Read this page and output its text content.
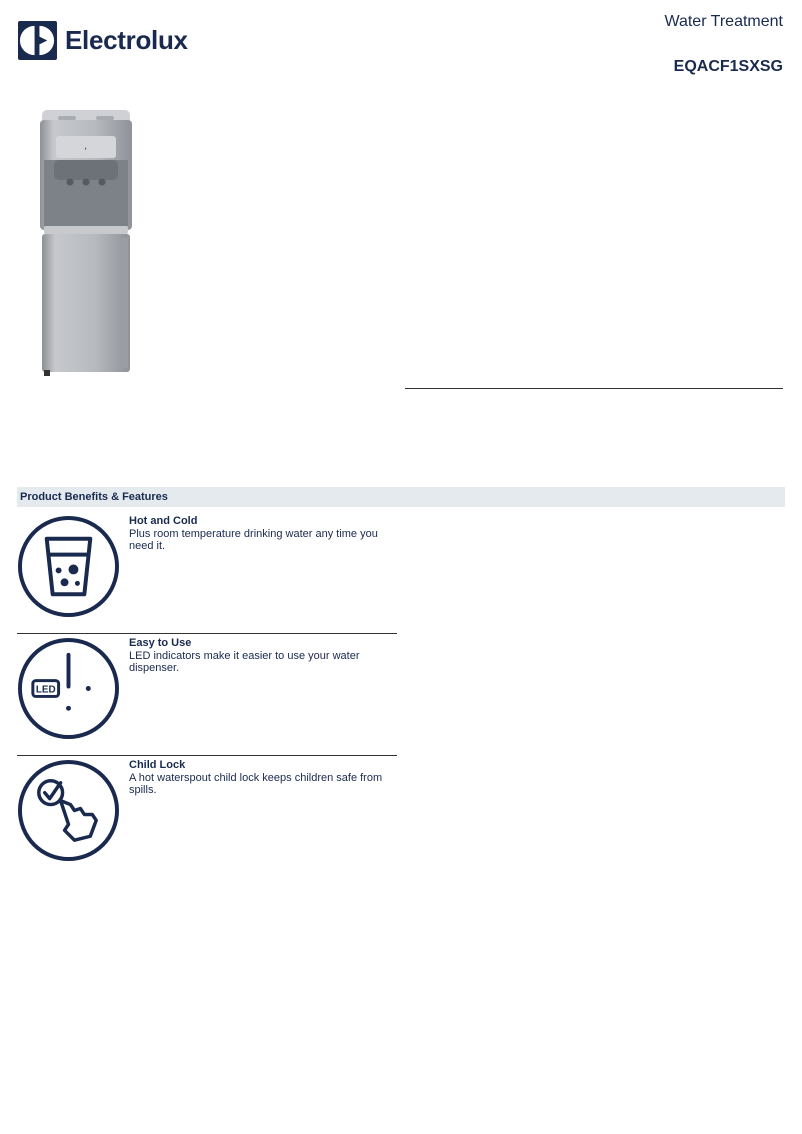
Electrolux
Water Treatment
EQACF1SXSG
◐
Product Benefits & Features
Hot and Cold
Plus room temperature drinking water any time you need it.
LED
Easy to Use
LED indicators make it easier to use your water dispenser.
Child Lock
A hot waterspout child lock keeps children safe from spills.
